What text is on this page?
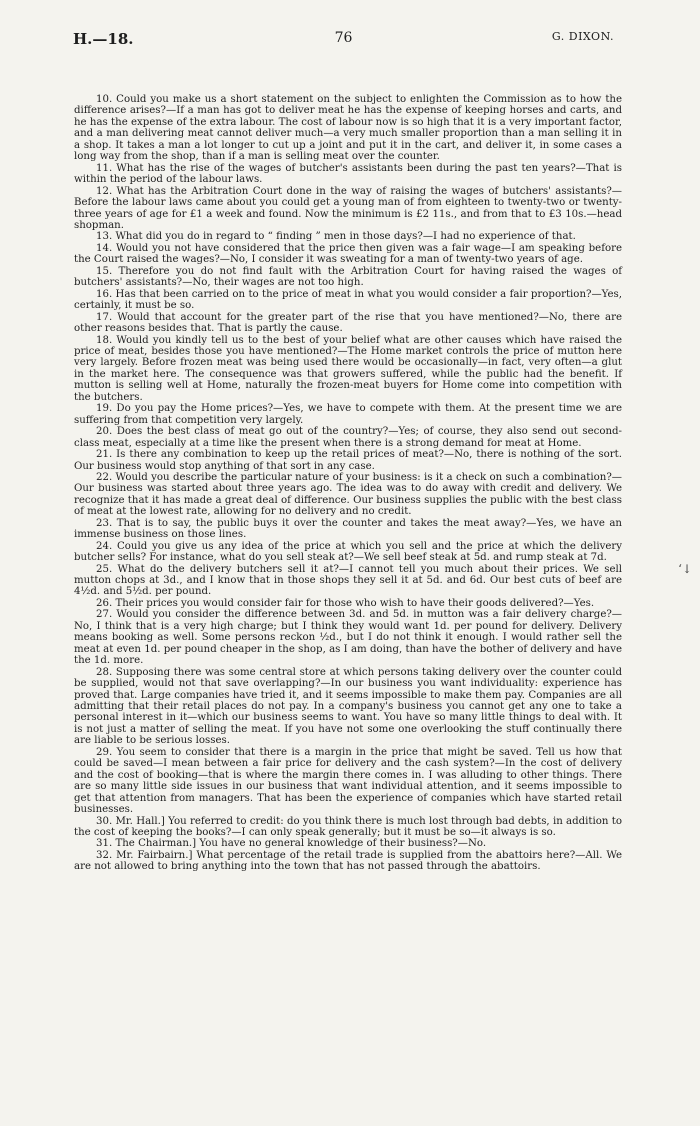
H.—18.	76	G. DIXON.

10. Could you make us a short statement on the subject to enlighten the Commission as to how the difference arises?—If a man has got to deliver meat he has the expense of keeping horses and carts, and he has the expense of the extra labour. The cost of labour now is so high that it is a very important factor, and a man delivering meat cannot deliver much—a very much smaller proportion than a man selling it in a shop. It takes a man a lot longer to cut up a joint and put it in the cart, and deliver it, in some cases a long way from the shop, than if a man is selling meat over the counter.

11. What has the rise of the wages of butcher's assistants been during the past ten years?—That is within the period of the labour laws.

12. What has the Arbitration Court done in the way of raising the wages of butchers' assistants?—Before the labour laws came about you could get a young man of from eighteen to twenty-two or twenty-three years of age for £1 a week and found. Now the minimum is £2 11s., and from that to £3 10s.—head shopman.

13. What did you do in regard to “ finding ” men in those days?—I had no experience of that.

14. Would you not have considered that the price then given was a fair wage—I am speaking before the Court raised the wages?—No, I consider it was sweating for a man of twenty-two years of age.

15. Therefore you do not find fault with the Arbitration Court for having raised the wages of butchers' assistants?—No, their wages are not too high.

16. Has that been carried on to the price of meat in what you would consider a fair proportion?—Yes, certainly, it must be so.

17. Would that account for the greater part of the rise that you have mentioned?—No, there are other reasons besides that. That is partly the cause.

18. Would you kindly tell us to the best of your belief what are other causes which have raised the price of meat, besides those you have mentioned?—The Home market controls the price of mutton here very largely. Before frozen meat was being used there would be occasionally—in fact, very often—a glut in the market here. The consequence was that growers suffered, while the public had the benefit. If mutton is selling well at Home, naturally the frozen-meat buyers for Home come into competition with the butchers.

19. Do you pay the Home prices?—Yes, we have to compete with them. At the present time we are suffering from that competition very largely.

20. Does the best class of meat go out of the country?—Yes; of course, they also send out second-class meat, especially at a time like the present when there is a strong demand for meat at Home.

21. Is there any combination to keep up the retail prices of meat?—No, there is nothing of the sort. Our business would stop anything of that sort in any case.

22. Would you describe the particular nature of your business: is it a check on such a combination?—Our business was started about three years ago. The idea was to do away with credit and delivery. We recognize that it has made a great deal of difference. Our business supplies the public with the best class of meat at the lowest rate, allowing for no delivery and no credit.

23. That is to say, the public buys it over the counter and takes the meat away?—Yes, we have an immense business on those lines.

24. Could you give us any idea of the price at which you sell and the price at which the delivery butcher sells? For instance, what do you sell steak at?—We sell beef steak at 5d. and rump steak at 7d.

25. What do the delivery butchers sell it at?—I cannot tell you much about their prices. We sell mutton chops at 3d., and I know that in those shops they sell it at 5d. and 6d. Our best cuts of beef are 4½d. and 5½d. per pound.

26. Their prices you would consider fair for those who wish to have their goods delivered?—Yes.

27. Would you consider the difference between 3d. and 5d. in mutton was a fair delivery charge?—No, I think that is a very high charge; but I think they would want 1d. per pound for delivery. Delivery means booking as well. Some persons reckon ½d., but I do not think it enough. I would rather sell the meat at even 1d. per pound cheaper in the shop, as I am doing, than have the bother of delivery and have the 1d. more.

28. Supposing there was some central store at which persons taking delivery over the counter could be supplied, would not that save overlapping?—In our business you want individuality: experience has proved that. Large companies have tried it, and it seems impossible to make them pay. Companies are all admitting that their retail places do not pay. In a company's business you cannot get any one to take a personal interest in it—which our business seems to want. You have so many little things to deal with. It is not just a matter of selling the meat. If you have not some one overlooking the stuff continually there are liable to be serious losses.

29. You seem to consider that there is a margin in the price that might be saved. Tell us how that could be saved—I mean between a fair price for delivery and the cash system?—In the cost of delivery and the cost of booking—that is where the margin there comes in. I was alluding to other things. There are so many little side issues in our business that want individual attention, and it seems impossible to get that attention from managers. That has been the experience of companies which have started retail businesses.

30. Mr. Hall.] You referred to credit: do you think there is much lost through bad debts, in addition to the cost of keeping the books?—I can only speak generally; but it must be so—it always is so.

31. The Chairman.] You have no general knowledge of their business?—No.

32. Mr. Fairbairn.] What percentage of the retail trade is supplied from the abattoirs here?—All. We are not allowed to bring anything into the town that has not passed through the abattoirs.

‘↓
